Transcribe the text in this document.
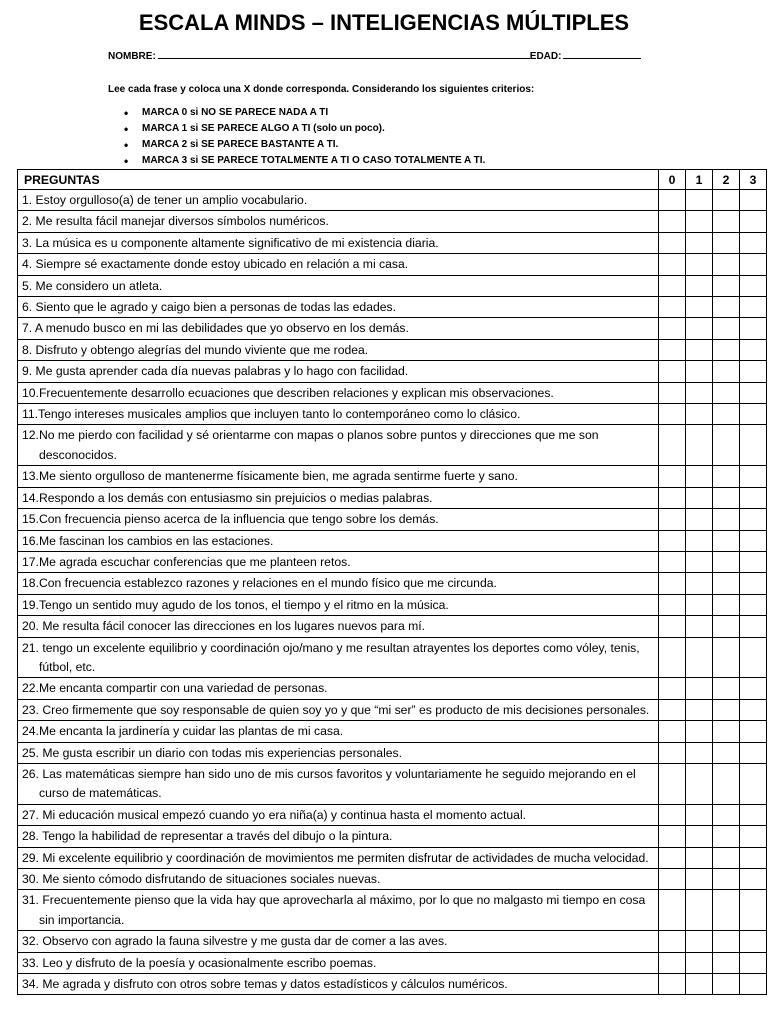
ESCALA MINDS – INTELIGENCIAS MÚLTIPLES
NOMBRE:	EDAD:
Lee cada frase y coloca una X donde corresponda. Considerando los siguientes criterios:
• MARCA 0 si NO SE PARECE NADA A TI
• MARCA 1 si SE PARECE ALGO A TI (solo un poco).
• MARCA 2 si SE PARECE BASTANTE A TI.
• MARCA 3 si SE PARECE TOTALMENTE A TI O CASO TOTALMENTE A TI.
PREGUNTAS	0	1	2	3

1. Estoy orgulloso(a) de tener un amplio vocabulario.				

2. Me resulta fácil manejar diversos símbolos numéricos.				

3. La música es u componente altamente significativo de mi existencia diaria.				

4. Siempre sé exactamente donde estoy ubicado en relación a mi casa.				

5. Me considero un atleta.				

6. Siento que le agrado y caigo bien a personas de todas las edades.				

7. A menudo busco en mi las debilidades que yo observo en los demás.				

8. Disfruto y obtengo alegrías del mundo viviente que me rodea.				

9. Me gusta aprender cada día nuevas palabras y lo hago con facilidad.				

10.Frecuentemente desarrollo ecuaciones que describen relaciones y explican mis observaciones.				

11.Tengo intereses musicales amplios que incluyen tanto lo contemporáneo como lo clásico.				

12.No me pierdo con facilidad y sé orientarme con mapas o planos sobre puntos y direcciones que me son desconocidos.				

13.Me siento orgulloso de mantenerme físicamente bien, me agrada sentirme fuerte y sano.				

14.Respondo a los demás con entusiasmo sin prejuicios o medias palabras.				

15.Con frecuencia pienso acerca de la influencia que tengo sobre los demás.				

16.Me fascinan los cambios en las estaciones.				

17.Me agrada escuchar conferencias que me planteen retos.				

18.Con frecuencia establezco razones y relaciones en el mundo físico que me circunda.				

19.Tengo un sentido muy agudo de los tonos, el tiempo y el ritmo en la música.				

20. Me resulta fácil conocer las direcciones en los lugares nuevos para mí.				

21. tengo un excelente equilibrio y coordinación ojo/mano y me resultan atrayentes los deportes como vóley, tenis, fútbol, etc.				

22.Me encanta compartir con una variedad de personas.				

23. Creo firmemente que soy responsable de quien soy yo y que “mi ser” es producto de mis decisiones personales.				

24.Me encanta la jardinería y cuidar las plantas de mi casa.				

25. Me gusta escribir un diario con todas mis experiencias personales.				

26. Las matemáticas siempre han sido uno de mis cursos favoritos y voluntariamente he seguido mejorando en el curso de matemáticas.				

27. Mi educación musical empezó cuando yo era niña(a) y continua hasta el momento actual.				

28. Tengo la habilidad de representar a través del dibujo o la pintura.				

29. Mi excelente equilibrio y coordinación de movimientos me permiten disfrutar de actividades de mucha velocidad.				

30. Me siento cómodo disfrutando de situaciones sociales nuevas.				

31. Frecuentemente pienso que la vida hay que aprovecharla al máximo, por lo que no malgasto mi tiempo en cosa sin importancia.				

32. Observo con agrado la fauna silvestre y me gusta dar de comer a las aves.				

33. Leo y disfruto de la poesía y ocasionalmente escribo poemas.				

34. Me agrada y disfruto con otros sobre temas y datos estadísticos y cálculos numéricos.				
